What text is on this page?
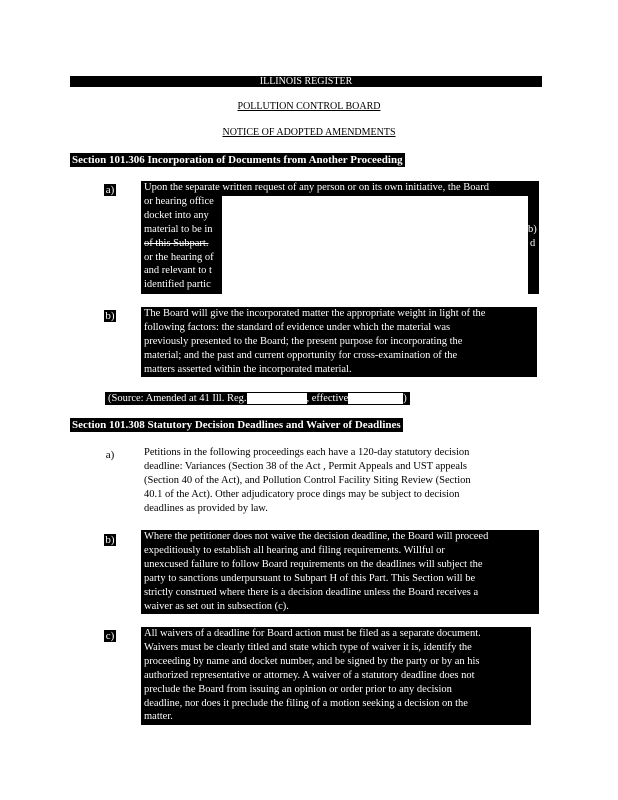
ILLINOIS REGISTER
POLLUTION CONTROL BOARD
NOTICE OF ADOPTED AMENDMENTS
Section 101.306 Incorporation of Documents from Another Proceeding
a)	Upon the separate written request of any person or on its own initiative, the Board
or hearing office
docket into any
material to be in
of this Subpart.
or the hearing of
and relevant to t
identified partic
b)
d
b)	The Board will give the incorporated matter the appropriate weight in light of the
following factors: the standard of evidence under which the material was
previously presented to the Board; the present purpose for incorporating the
material; and the past and current opportunity for cross-examination of the
matters asserted within the incorporated material.
(Source: Amended at 41 Ill. Reg.	, effective	)
Section 101.308 Statutory Decision Deadlines and Waiver of Deadlines
a)	Petitions in the following proceedings each have a 120-day statutory decision
deadline: Variances (Section 38 of the Act , Permit Appeals and UST appeals
(Section 40 of the Act), and Pollution Control Facility Siting Review (Section
40.1 of the Act). Other adjudicatory proce dings may be subject to decision
deadlines as provided by law.
b)	Where the petitioner does not waive the decision deadline, the Board will proceed
expeditiously to establish all hearing and filing requirements. Willful or
unexcused failure to follow Board requirements on the deadlines will subject the
party to sanctions underpursuant to Subpart H of this Part. This Section will be
strictly construed where there is a decision deadline unless the Board receives a
waiver as set out in subsection (c).
c)	All waivers of a deadline for Board action must be filed as a separate document.
Waivers must be clearly titled and state which type of waiver it is, identify the
proceeding by name and docket number, and be signed by the party or by an his
authorized representative or attorney. A waiver of a statutory deadline does not
preclude the Board from issuing an opinion or order prior to any decision
deadline, nor does it preclude the filing of a motion seeking a decision on the
matter.
